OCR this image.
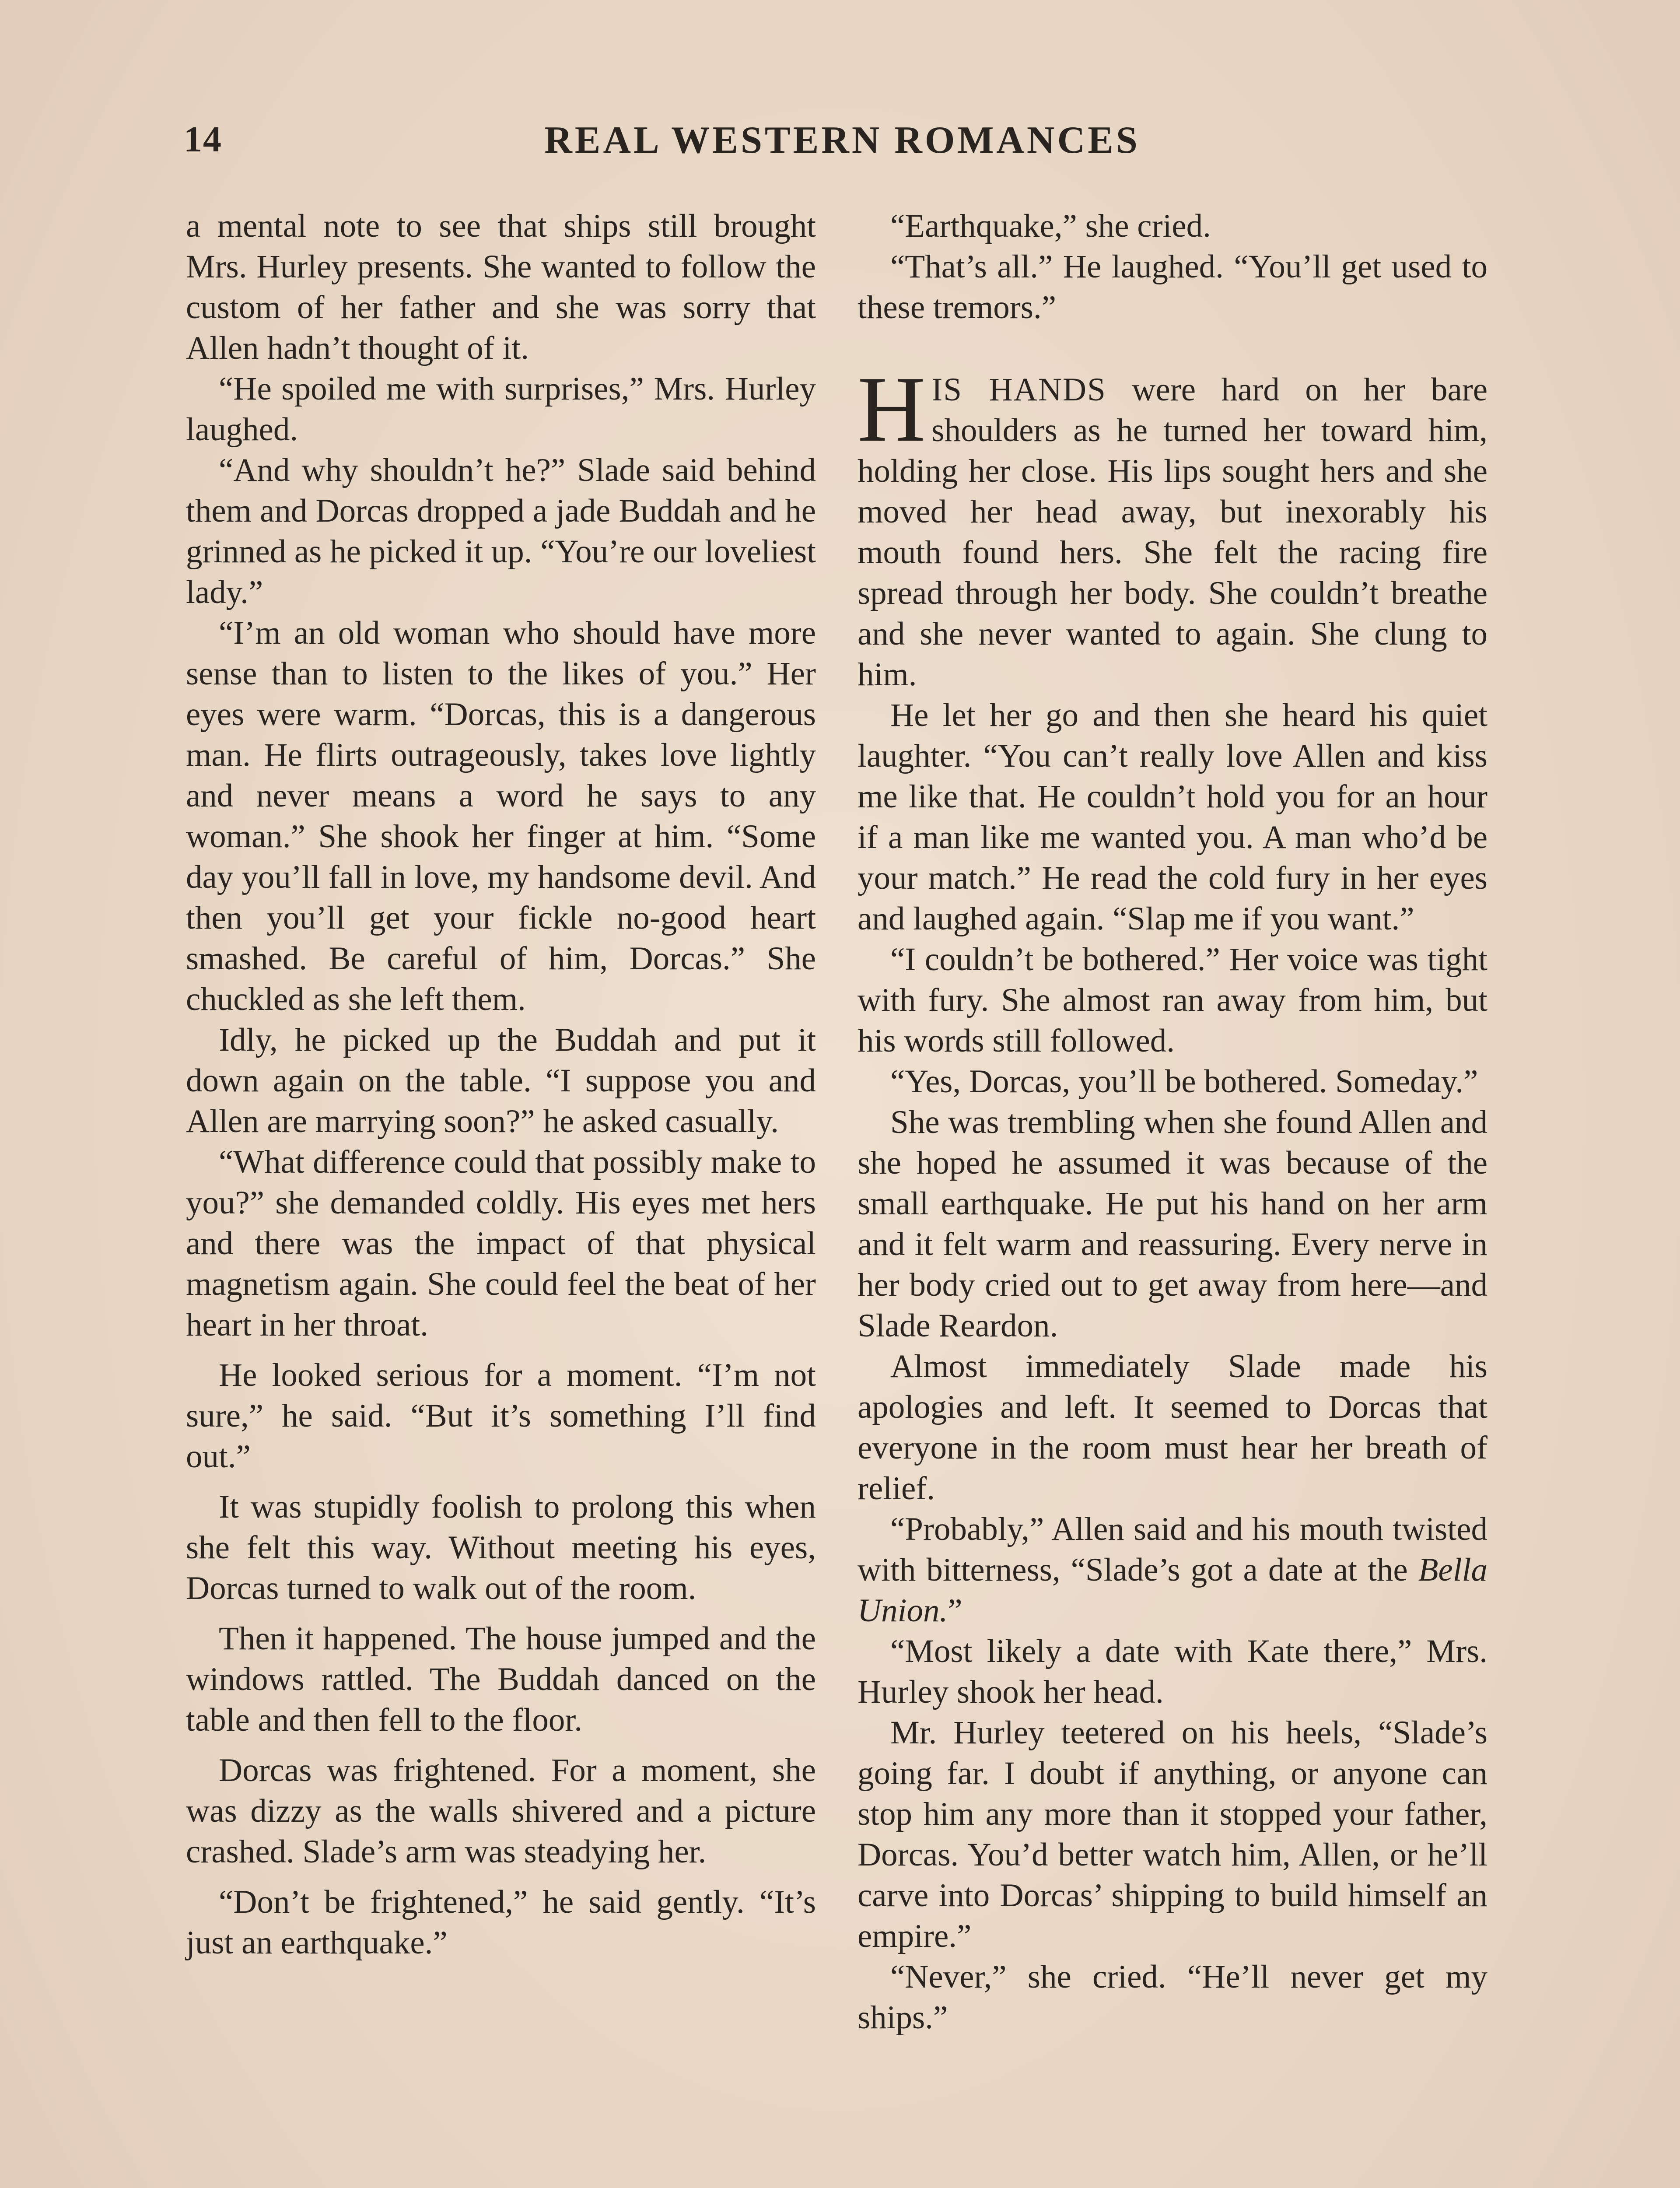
14	REAL WESTERN ROMANCES

a mental note to see that ships still brought Mrs. Hurley presents. She wanted to follow the custom of her father and she was sorry that Allen hadn’t thought of it.

“He spoiled me with surprises,” Mrs. Hurley laughed.

“And why shouldn’t he?” Slade said behind them and Dorcas dropped a jade Buddah and he grinned as he picked it up. “You’re our loveliest lady.”

“I’m an old woman who should have more sense than to listen to the likes of you.” Her eyes were warm. “Dorcas, this is a dangerous man. He flirts outrageously, takes love lightly and never means a word he says to any woman.” She shook her finger at him. “Some day you’ll fall in love, my handsome devil. And then you’ll get your fickle no-good heart smashed. Be careful of him, Dorcas.” She chuckled as she left them.

Idly, he picked up the Buddah and put it down again on the table. “I suppose you and Allen are marrying soon?” he asked casually.

“What difference could that possibly make to you?” she demanded coldly. His eyes met hers and there was the impact of that physical magnetism again. She could feel the beat of her heart in her throat.

He looked serious for a moment. “I’m not sure,” he said. “But it’s something I’ll find out.”

It was stupidly foolish to prolong this when she felt this way. Without meeting his eyes, Dorcas turned to walk out of the room.

Then it happened. The house jumped and the windows rattled. The Buddah danced on the table and then fell to the floor.

Dorcas was frightened. For a moment, she was dizzy as the walls shivered and a picture crashed. Slade’s arm was steadying her.

“Don’t be frightened,” he said gently. “It’s just an earthquake.”

“Earthquake,” she cried.

“That’s all.” He laughed. “You’ll get used to these tremors.”

HIS HANDS were hard on her bare shoulders as he turned her toward him, holding her close. His lips sought hers and she moved her head away, but inexorably his mouth found hers. She felt the racing fire spread through her body. She couldn’t breathe and she never wanted to again. She clung to him.

He let her go and then she heard his quiet laughter. “You can’t really love Allen and kiss me like that. He couldn’t hold you for an hour if a man like me wanted you. A man who’d be your match.” He read the cold fury in her eyes and laughed again. “Slap me if you want.”

“I couldn’t be bothered.” Her voice was tight with fury. She almost ran away from him, but his words still followed.

“Yes, Dorcas, you’ll be bothered. Someday.”

She was trembling when she found Allen and she hoped he assumed it was because of the small earthquake. He put his hand on her arm and it felt warm and reassuring. Every nerve in her body cried out to get away from here—and Slade Reardon.

Almost immediately Slade made his apologies and left. It seemed to Dorcas that everyone in the room must hear her breath of relief.

“Probably,” Allen said and his mouth twisted with bitterness, “Slade’s got a date at the Bella Union.”

“Most likely a date with Kate there,” Mrs. Hurley shook her head.

Mr. Hurley teetered on his heels, “Slade’s going far. I doubt if anything, or anyone can stop him any more than it stopped your father, Dorcas. You’d better watch him, Allen, or he’ll carve into Dorcas’ shipping to build himself an empire.”

“Never,” she cried. “He’ll never get my ships.”
